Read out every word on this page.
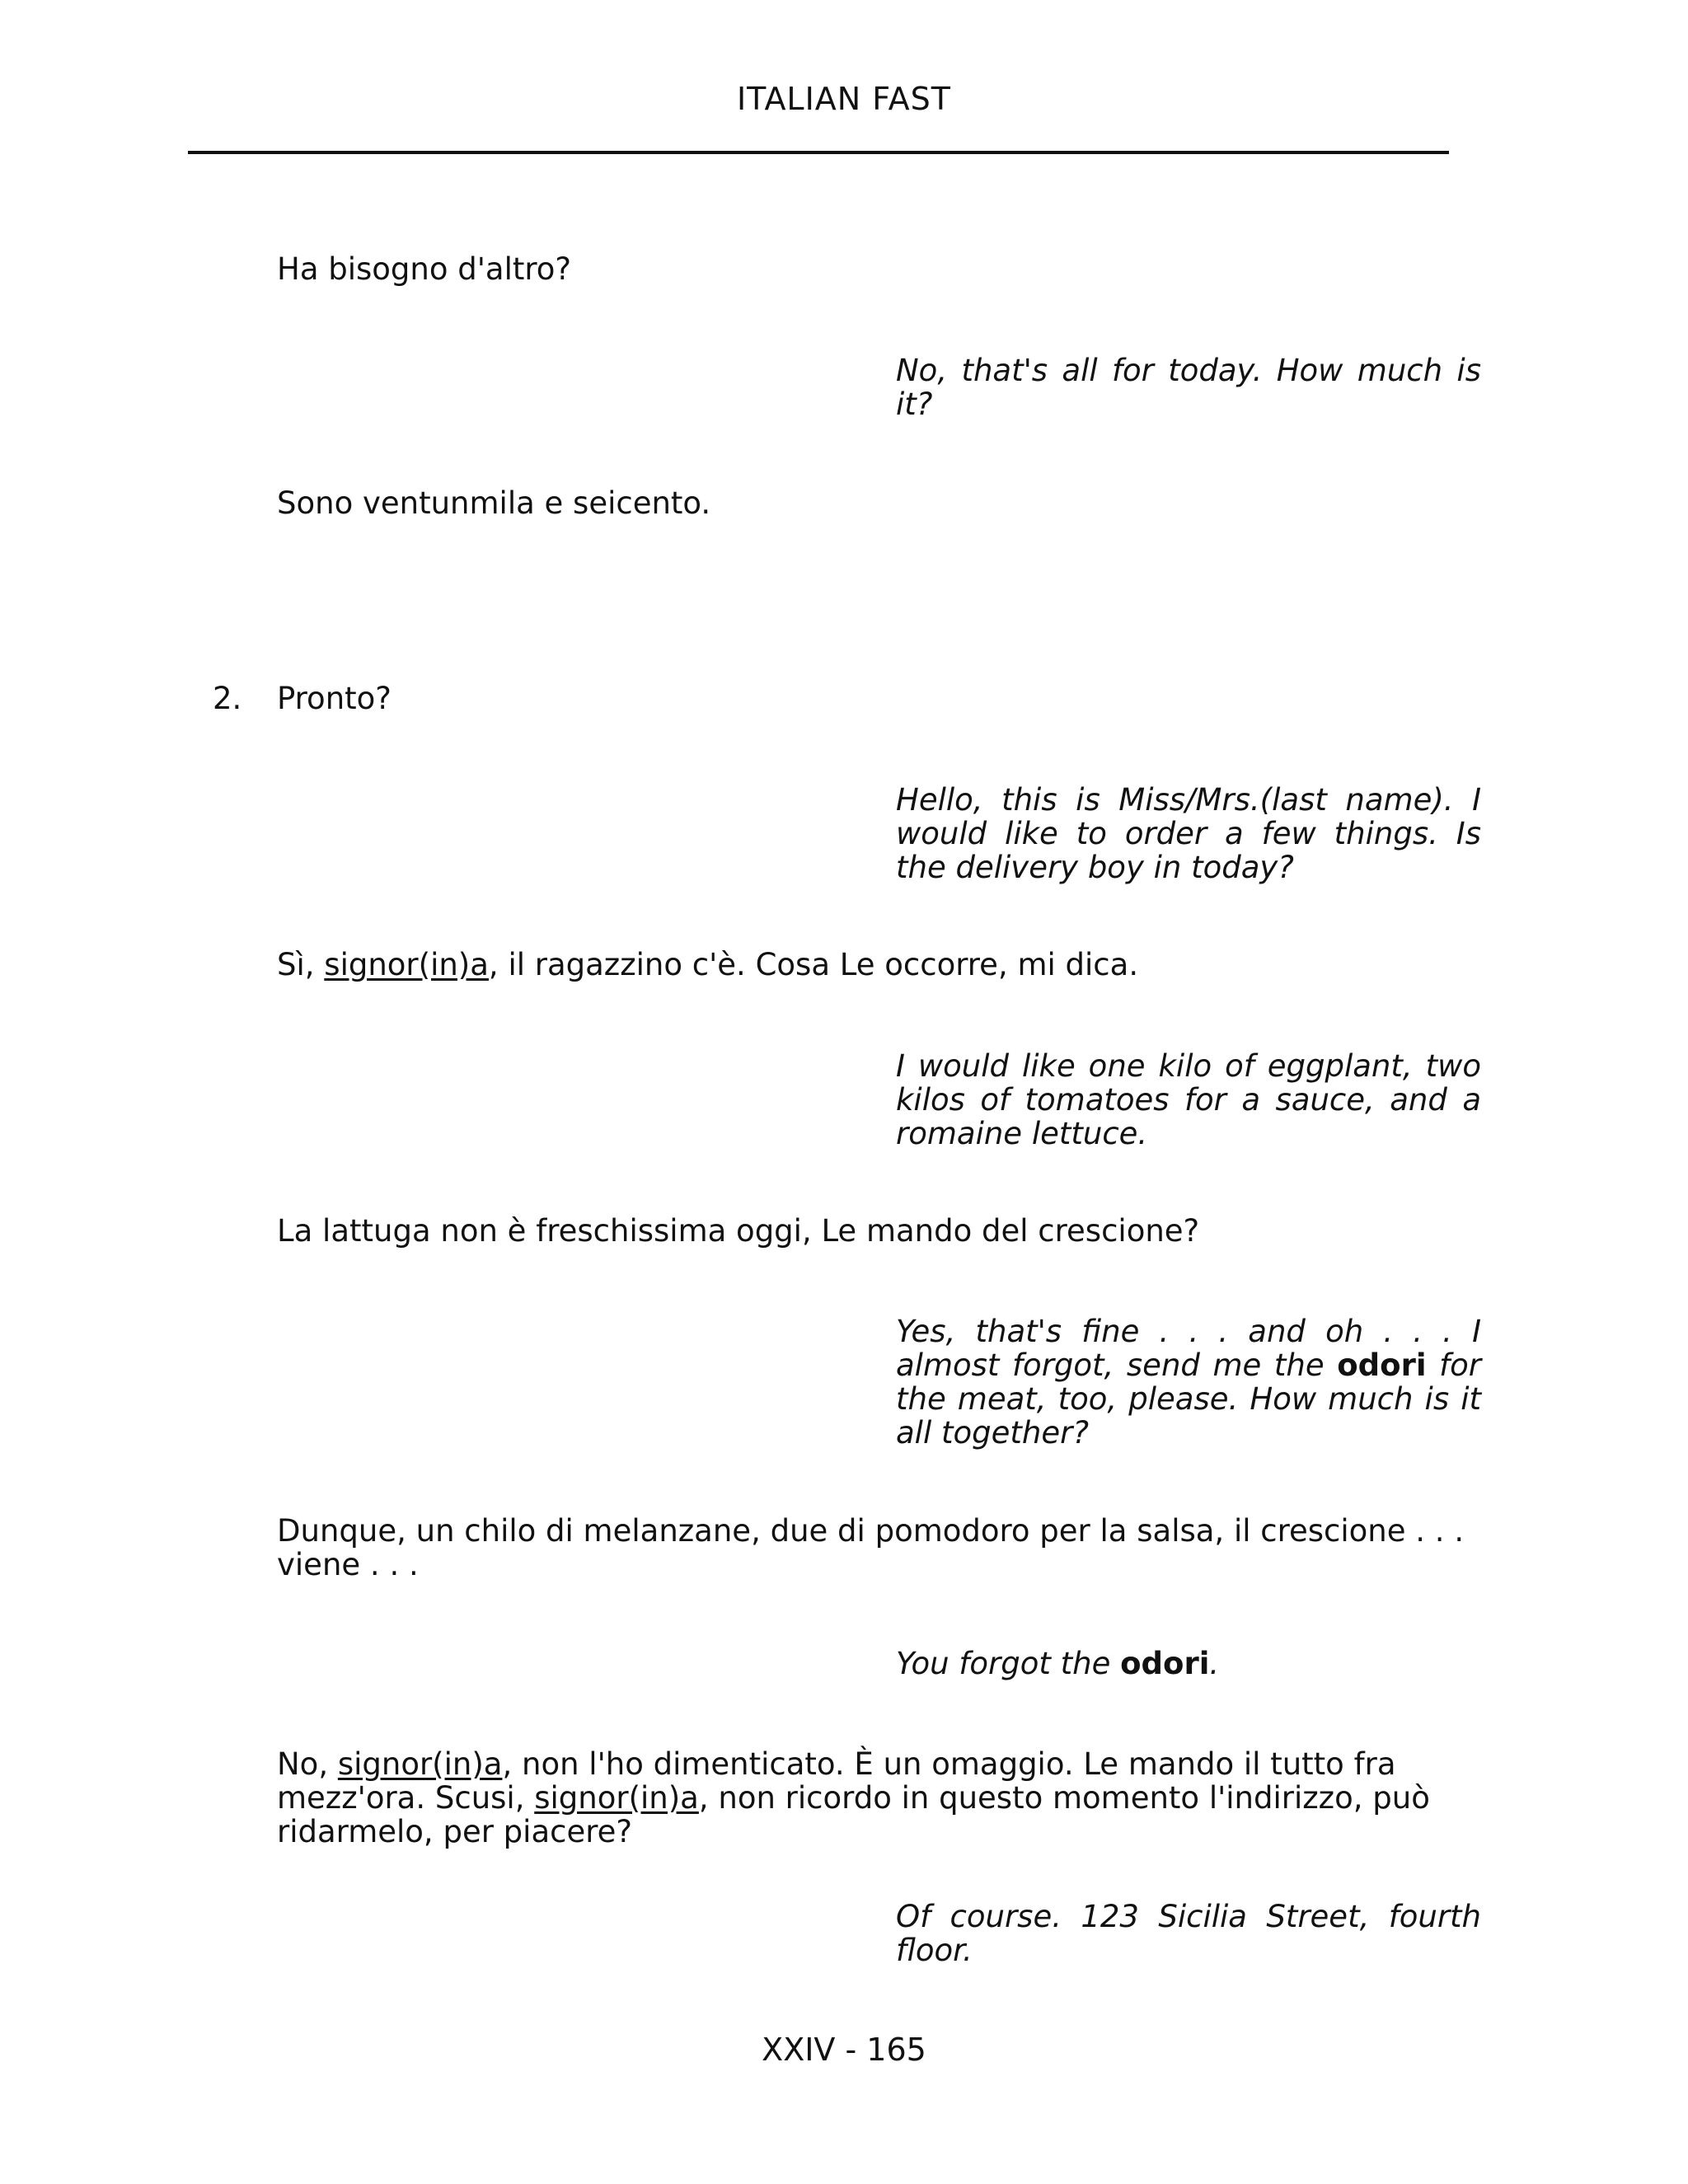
ITALIAN FAST
Ha bisogno d'altro?
No, that's all for today. How much is it?
Sono ventunmila e seicento.
2. Pronto?
Hello, this is Miss/Mrs.(last name). I would like to order a few things. Is the delivery boy in today?
Sì, signor(in)a, il ragazzino c'è. Cosa Le occorre, mi dica.
I would like one kilo of eggplant, two kilos of tomatoes for a sauce, and a romaine lettuce.
La lattuga non è freschissima oggi, Le mando del crescione?
Yes, that's fine . . . and oh . . . I almost forgot, send me the odori for the meat, too, please. How much is it all together?
Dunque, un chilo di melanzane, due di pomodoro per la salsa, il crescione . . . viene . . .
You forgot the odori.
No, signor(in)a, non l'ho dimenticato. È un omaggio. Le mando il tutto fra mezz'ora. Scusi, signor(in)a, non ricordo in questo momento l'indirizzo, può ridarmelo, per piacere?
Of course. 123 Sicilia Street, fourth floor.
XXIV - 165
